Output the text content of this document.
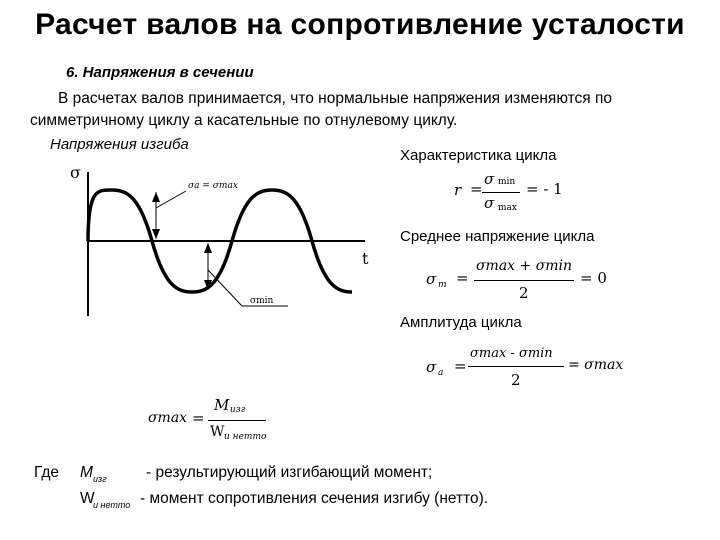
Расчет валов на сопротивление усталости
6. Напряжения в сечении
В расчетах валов принимается, что нормальные напряжения изменяются по симметричному циклу а касательные по отнулевому циклу.
Напряжения изгиба
σ
t
σa = σmax
σmin
Характеристика цикла
r =
σ min
σ max
= - 1
Среднее напряжение цикла
σ m =
σmax + σmin
2
= 0
Амплитуда цикла
σ a =
σmax - σmin
2
= σmax
σmax =
M изг
W u нетто
Где M изг	- результирующий изгибающий момент;
W
u нетто - момент сопротивления сечения изгибу (нетто).
